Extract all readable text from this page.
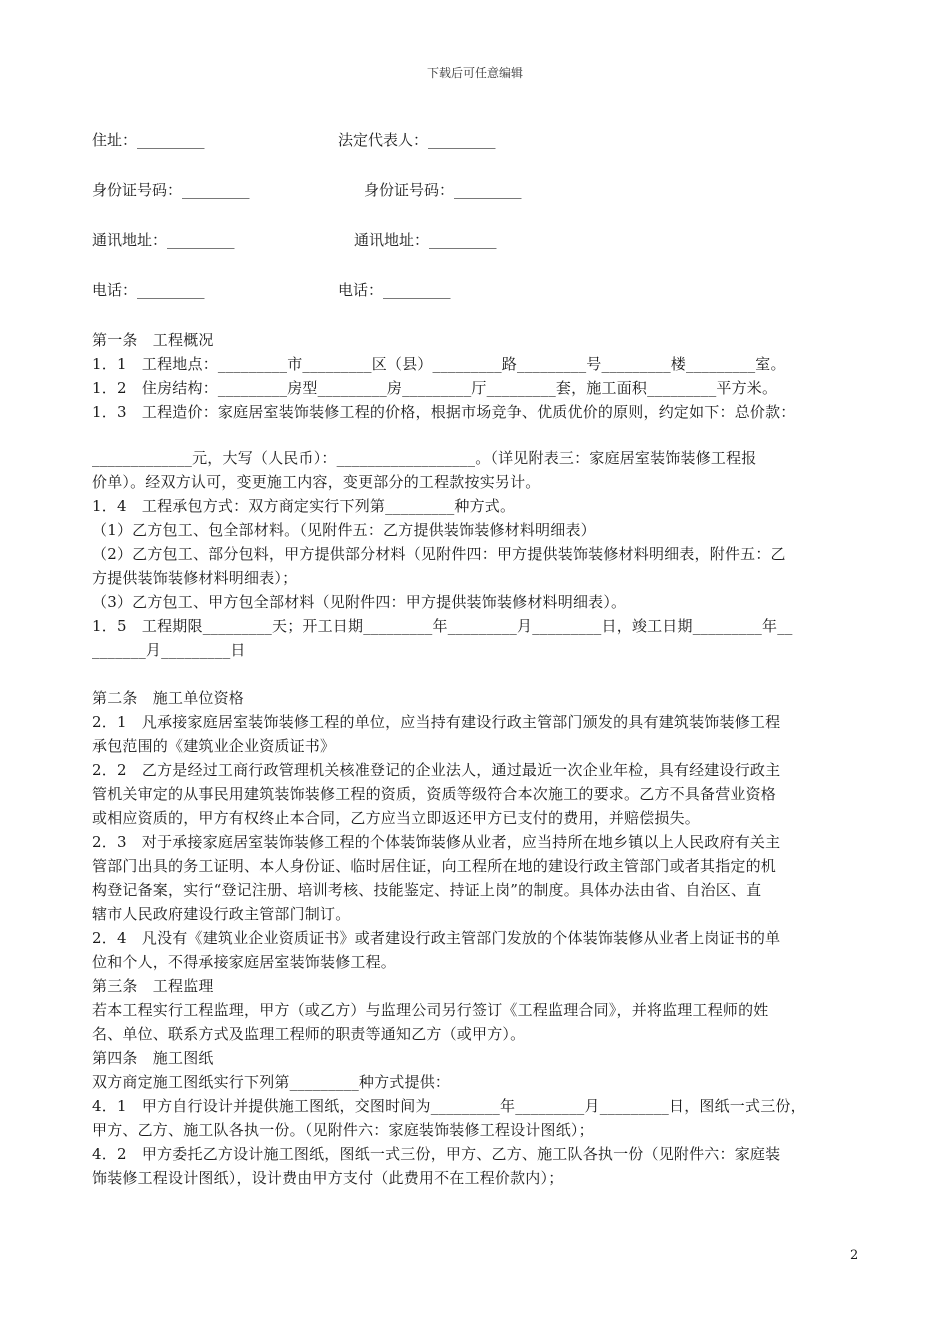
下载后可任意编辑
住址：_________	法定代表人：_________
身份证号码：_________	身份证号码：_________
通讯地址：_________	通讯地址：_________
电话：_________	电话：_________

第一条　工程概况

1．1　工程地点：_________市_________区（县）_________路_________号_________楼_________室。

1．2　住房结构：_________房型_________房_________厅_________套，施工面积_________平方米。

1．3　工程造价：家庭居室装饰装修工程的价格，根据市场竞争、优质优价的原则，约定如下：总价款：

_____________元，大写（人民币）：__________________。（详见附表三：家庭居室装饰装修工程报

价单）。经双方认可，变更施工内容，变更部分的工程款按实另计。

1．4　工程承包方式：双方商定实行下列第_________种方式。

（1）乙方包工、包全部材料。（见附件五：乙方提供装饰装修材料明细表）

（2）乙方包工、部分包料，甲方提供部分材料（见附件四：甲方提供装饰装修材料明细表，附件五：乙

方提供装饰装修材料明细表）；

（3）乙方包工、甲方包全部材料（见附件四：甲方提供装饰装修材料明细表）。

1．5　工程期限_________天；开工日期_________年_________月_________日，竣工日期_________年__

_______月_________日

第二条　施工单位资格

2．1　凡承接家庭居室装饰装修工程的单位，应当持有建设行政主管部门颁发的具有建筑装饰装修工程

承包范围的《建筑业企业资质证书》

2．2　乙方是经过工商行政管理机关核准登记的企业法人，通过最近一次企业年检，具有经建设行政主

管机关审定的从事民用建筑装饰装修工程的资质，资质等级符合本次施工的要求。乙方不具备营业资格

或相应资质的，甲方有权终止本合同，乙方应当立即返还甲方已支付的费用，并赔偿损失。

2．3　对于承接家庭居室装饰装修工程的个体装饰装修从业者，应当持所在地乡镇以上人民政府有关主

管部门出具的务工证明、本人身份证、临时居住证，向工程所在地的建设行政主管部门或者其指定的机

构登记备案，实行“登记注册、培训考核、技能鉴定、持证上岗”的制度。具体办法由省、自治区、直

辖市人民政府建设行政主管部门制订。

2．4　凡没有《建筑业企业资质证书》或者建设行政主管部门发放的个体装饰装修从业者上岗证书的单

位和个人，不得承接家庭居室装饰装修工程。

第三条　工程监理

若本工程实行工程监理，甲方（或乙方）与监理公司另行签订《工程监理合同》，并将监理工程师的姓

名、单位、联系方式及监理工程师的职责等通知乙方（或甲方）。

第四条　施工图纸

双方商定施工图纸实行下列第_________种方式提供：

4．1　甲方自行设计并提供施工图纸，交图时间为_________年_________月_________日，图纸一式三份，

甲方、乙方、施工队各执一份。（见附件六：家庭装饰装修工程设计图纸）；

4．2　甲方委托乙方设计施工图纸，图纸一式三份，甲方、乙方、施工队各执一份（见附件六：家庭装

饰装修工程设计图纸），设计费由甲方支付（此费用不在工程价款内）；

2
